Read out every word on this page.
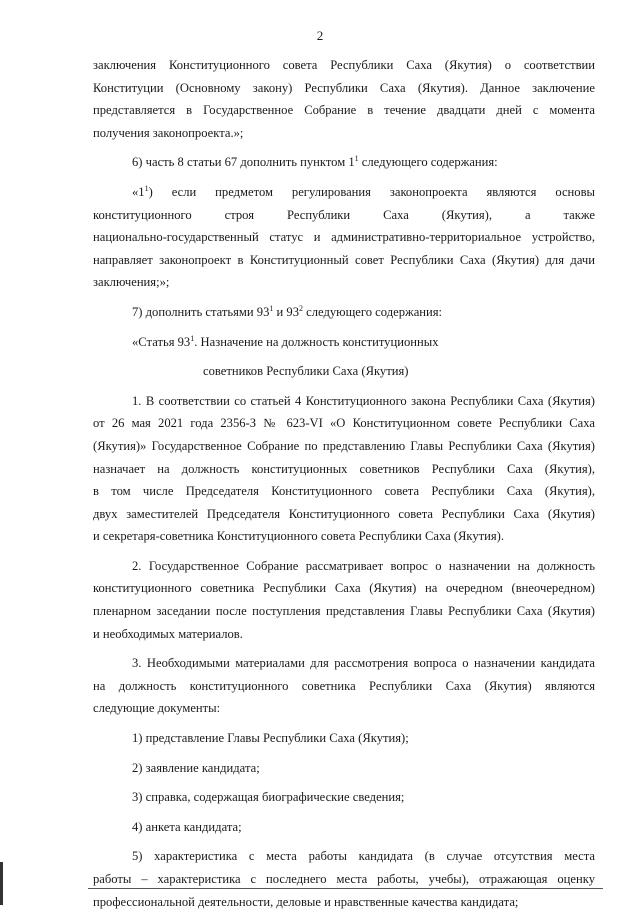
2
заключения Конституционного совета Республики Саха (Якутия) о соответствии
Конституции (Основному закону) Республики Саха (Якутия). Данное заключение
представляется в Государственное Собрание в течение двадцати дней с момента
получения законопроекта.»;
6) часть 8 статьи 67 дополнить пунктом $1^1$ следующего содержания:
«$1^1$) если предметом регулирования законопроекта являются основы
конституционного строя Республики Саха (Якутия), а также
национально-государственный статус и административно-территориальное устройство,
направляет законопроект в Конституционный совет Республики Саха (Якутия) для дачи
заключения;»;
7) дополнить статьями $93^1$ и $93^2$ следующего содержания:
«Статья $93^1$. Назначение на должность конституционных
советников Республики Саха (Якутия)
1. В соответствии со статьей 4 Конституционного закона Республики Саха (Якутия)
от 26 мая 2021 года 2356-З № 623-VI «О Конституционном совете Республики Саха
(Якутия)» Государственное Собрание по представлению Главы Республики Саха (Якутия)
назначает на должность конституционных советников Республики Саха (Якутия),
в том числе Председателя Конституционного совета Республики Саха (Якутия),
двух заместителей Председателя Конституционного совета Республики Саха (Якутия)
и секретаря-советника Конституционного совета Республики Саха (Якутия).
2. Государственное Собрание рассматривает вопрос о назначении на должность
конституционного советника Республики Саха (Якутия) на очередном (внеочередном)
пленарном заседании после поступления представления Главы Республики Саха (Якутия)
и необходимых материалов.
3. Необходимыми материалами для рассмотрения вопроса о назначении кандидата
на должность конституционного советника Республики Саха (Якутия) являются
следующие документы:
1) представление Главы Республики Саха (Якутия);
2) заявление кандидата;
3) справка, содержащая биографические сведения;
4) анкета кандидата;
5) характеристика с места работы кандидата (в случае отсутствия места
работы – характеристика с последнего места работы, учебы), отражающая оценку
профессиональной деятельности, деловые и нравственные качества кандидата;
